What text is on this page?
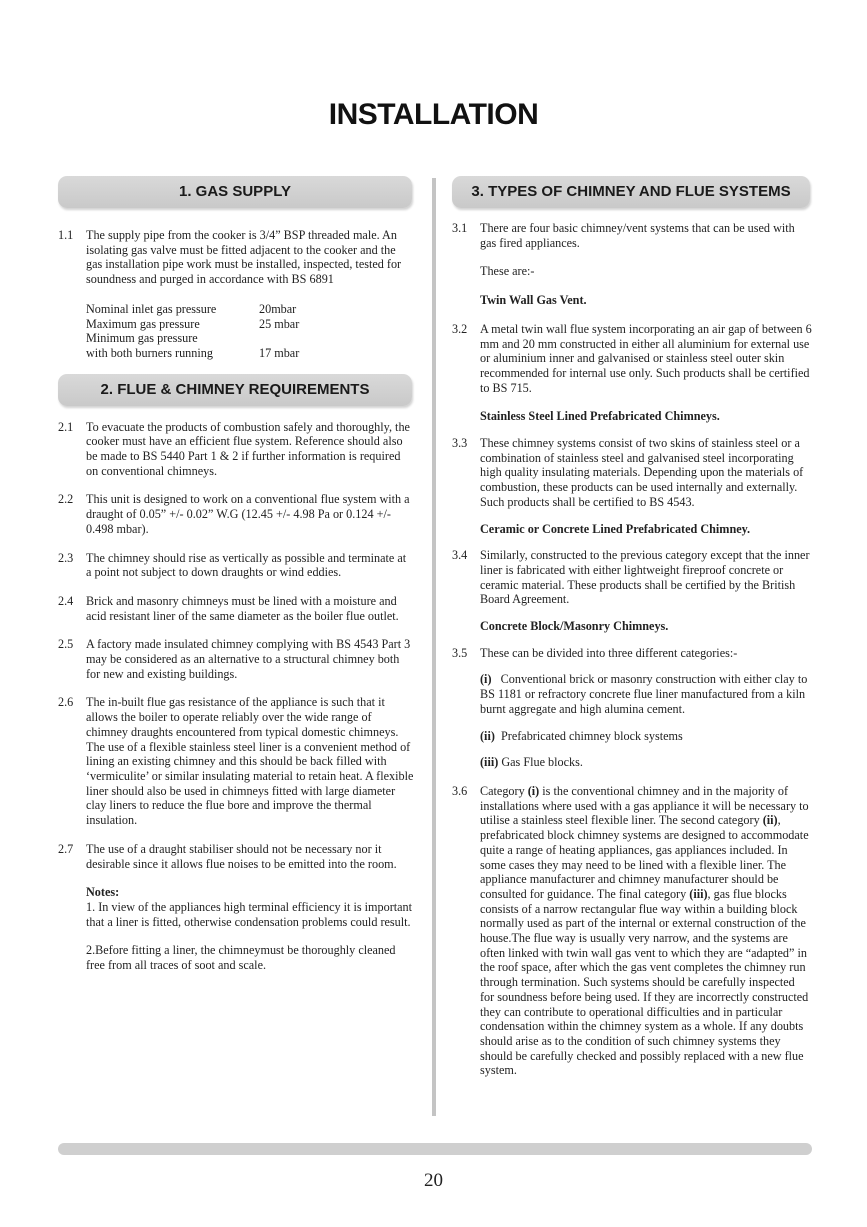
INSTALLATION
1. GAS SUPPLY
1.1	The supply pipe from the cooker is 3/4” BSP threaded male. An isolating gas valve must be fitted adjacent to the cooker and the gas installation pipe work must be installed, inspected, tested for soundness and purged in accordance with BS 6891
Nominal inlet gas pressure	20mbar
Maximum gas pressure	25 mbar
Minimum gas pressure	
with both burners running	17 mbar
2. FLUE & CHIMNEY REQUIREMENTS
2.1	To evacuate the products of combustion safely and thoroughly, the cooker must have an efficient flue system. Reference should also be made to BS 5440 Part 1 & 2 if further information is required on conventional chimneys.
2.2	This unit is designed to work on a conventional flue system with a draught of 0.05” +/- 0.02” W.G (12.45 +/- 4.98 Pa or 0.124 +/- 0.498 mbar).
2.3	The chimney should rise as vertically as possible and terminate at a point not subject to down draughts or wind eddies.
2.4	Brick and masonry chimneys must be lined with a moisture and acid resistant liner of the same diameter as the boiler flue outlet.
2.5	A factory made insulated chimney complying with BS 4543 Part 3 may be considered as an alternative to a structural chimney both for new and existing buildings.
2.6	The in-built flue gas resistance of the appliance is such that it allows the boiler to operate reliably over the wide range of chimney draughts encountered from typical domestic chimneys. The use of a flexible stainless steel liner is a convenient method of lining an existing chimney and this should be back filled with ‘vermiculite’ or similar insulating material to retain heat. A flexible liner should also be used in chimneys fitted with large diameter clay liners to reduce the flue bore and improve the thermal insulation.
2.7	The use of a draught stabiliser should not be necessary nor it desirable since it allows flue noises to be emitted into the room.
Notes:
1. In view of the appliances high terminal efficiency it is important that a liner is fitted, otherwise condensation problems could result.
2.Before fitting a liner, the chimneymust be thoroughly cleaned free from all traces of soot and scale.
3. TYPES OF CHIMNEY AND FLUE SYSTEMS
3.1	There are four basic chimney/vent systems that can be used with gas fired appliances.
These are:-
Twin Wall Gas Vent.
3.2	A metal twin wall flue system incorporating an air gap of between 6 mm and 20 mm constructed in either all aluminium for external use or aluminium inner and galvanised or stainless steel outer skin recommended for internal use only. Such products shall be certified to BS 715.
Stainless Steel Lined Prefabricated Chimneys.
3.3	These chimney systems consist of two skins of stainless steel or a combination of stainless steel and galvanised steel incorporating high quality insulating materials. Depending upon the materials of combustion, these products can be used internally and externally. Such products shall be certified to BS 4543.
Ceramic or Concrete Lined Prefabricated Chimney.
3.4	Similarly, constructed to the previous category except that the inner liner is fabricated with either lightweight fireproof concrete or ceramic material. These products shall be certified by the British Board Agreement.
Concrete Block/Masonry Chimneys.
3.5	These can be divided into three different categories:-
(i) Conventional brick or masonry construction with either clay to BS 1181 or refractory concrete flue liner manufactured from a kiln burnt aggregate and high alumina cement.
(ii) Prefabricated chimney block systems
(iii) Gas Flue blocks.
3.6	Category (i) is the conventional chimney and in the majority of installations where used with a gas appliance it will be necessary to utilise a stainless steel flexible liner. The second category (ii), prefabricated block chimney systems are designed to accommodate quite a range of heating appliances, gas appliances included. In some cases they may need to be lined with a flexible liner. The appliance manufacturer and chimney manufacturer should be consulted for guidance. The final category (iii), gas flue blocks consists of a narrow rectangular flue way within a building block normally used as part of the internal or external construction of the house.The flue way is usually very narrow, and the systems are often linked with twin wall gas vent to which they are “adapted” in the roof space, after which the gas vent completes the chimney run through termination. Such systems should be carefully inspected for soundness before being used. If they are incorrectly constructed they can contribute to operational difficulties and in particular condensation within the chimney system as a whole. If any doubts should arise as to the condition of such chimney systems they should be carefully checked and possibly replaced with a new flue system.
20
